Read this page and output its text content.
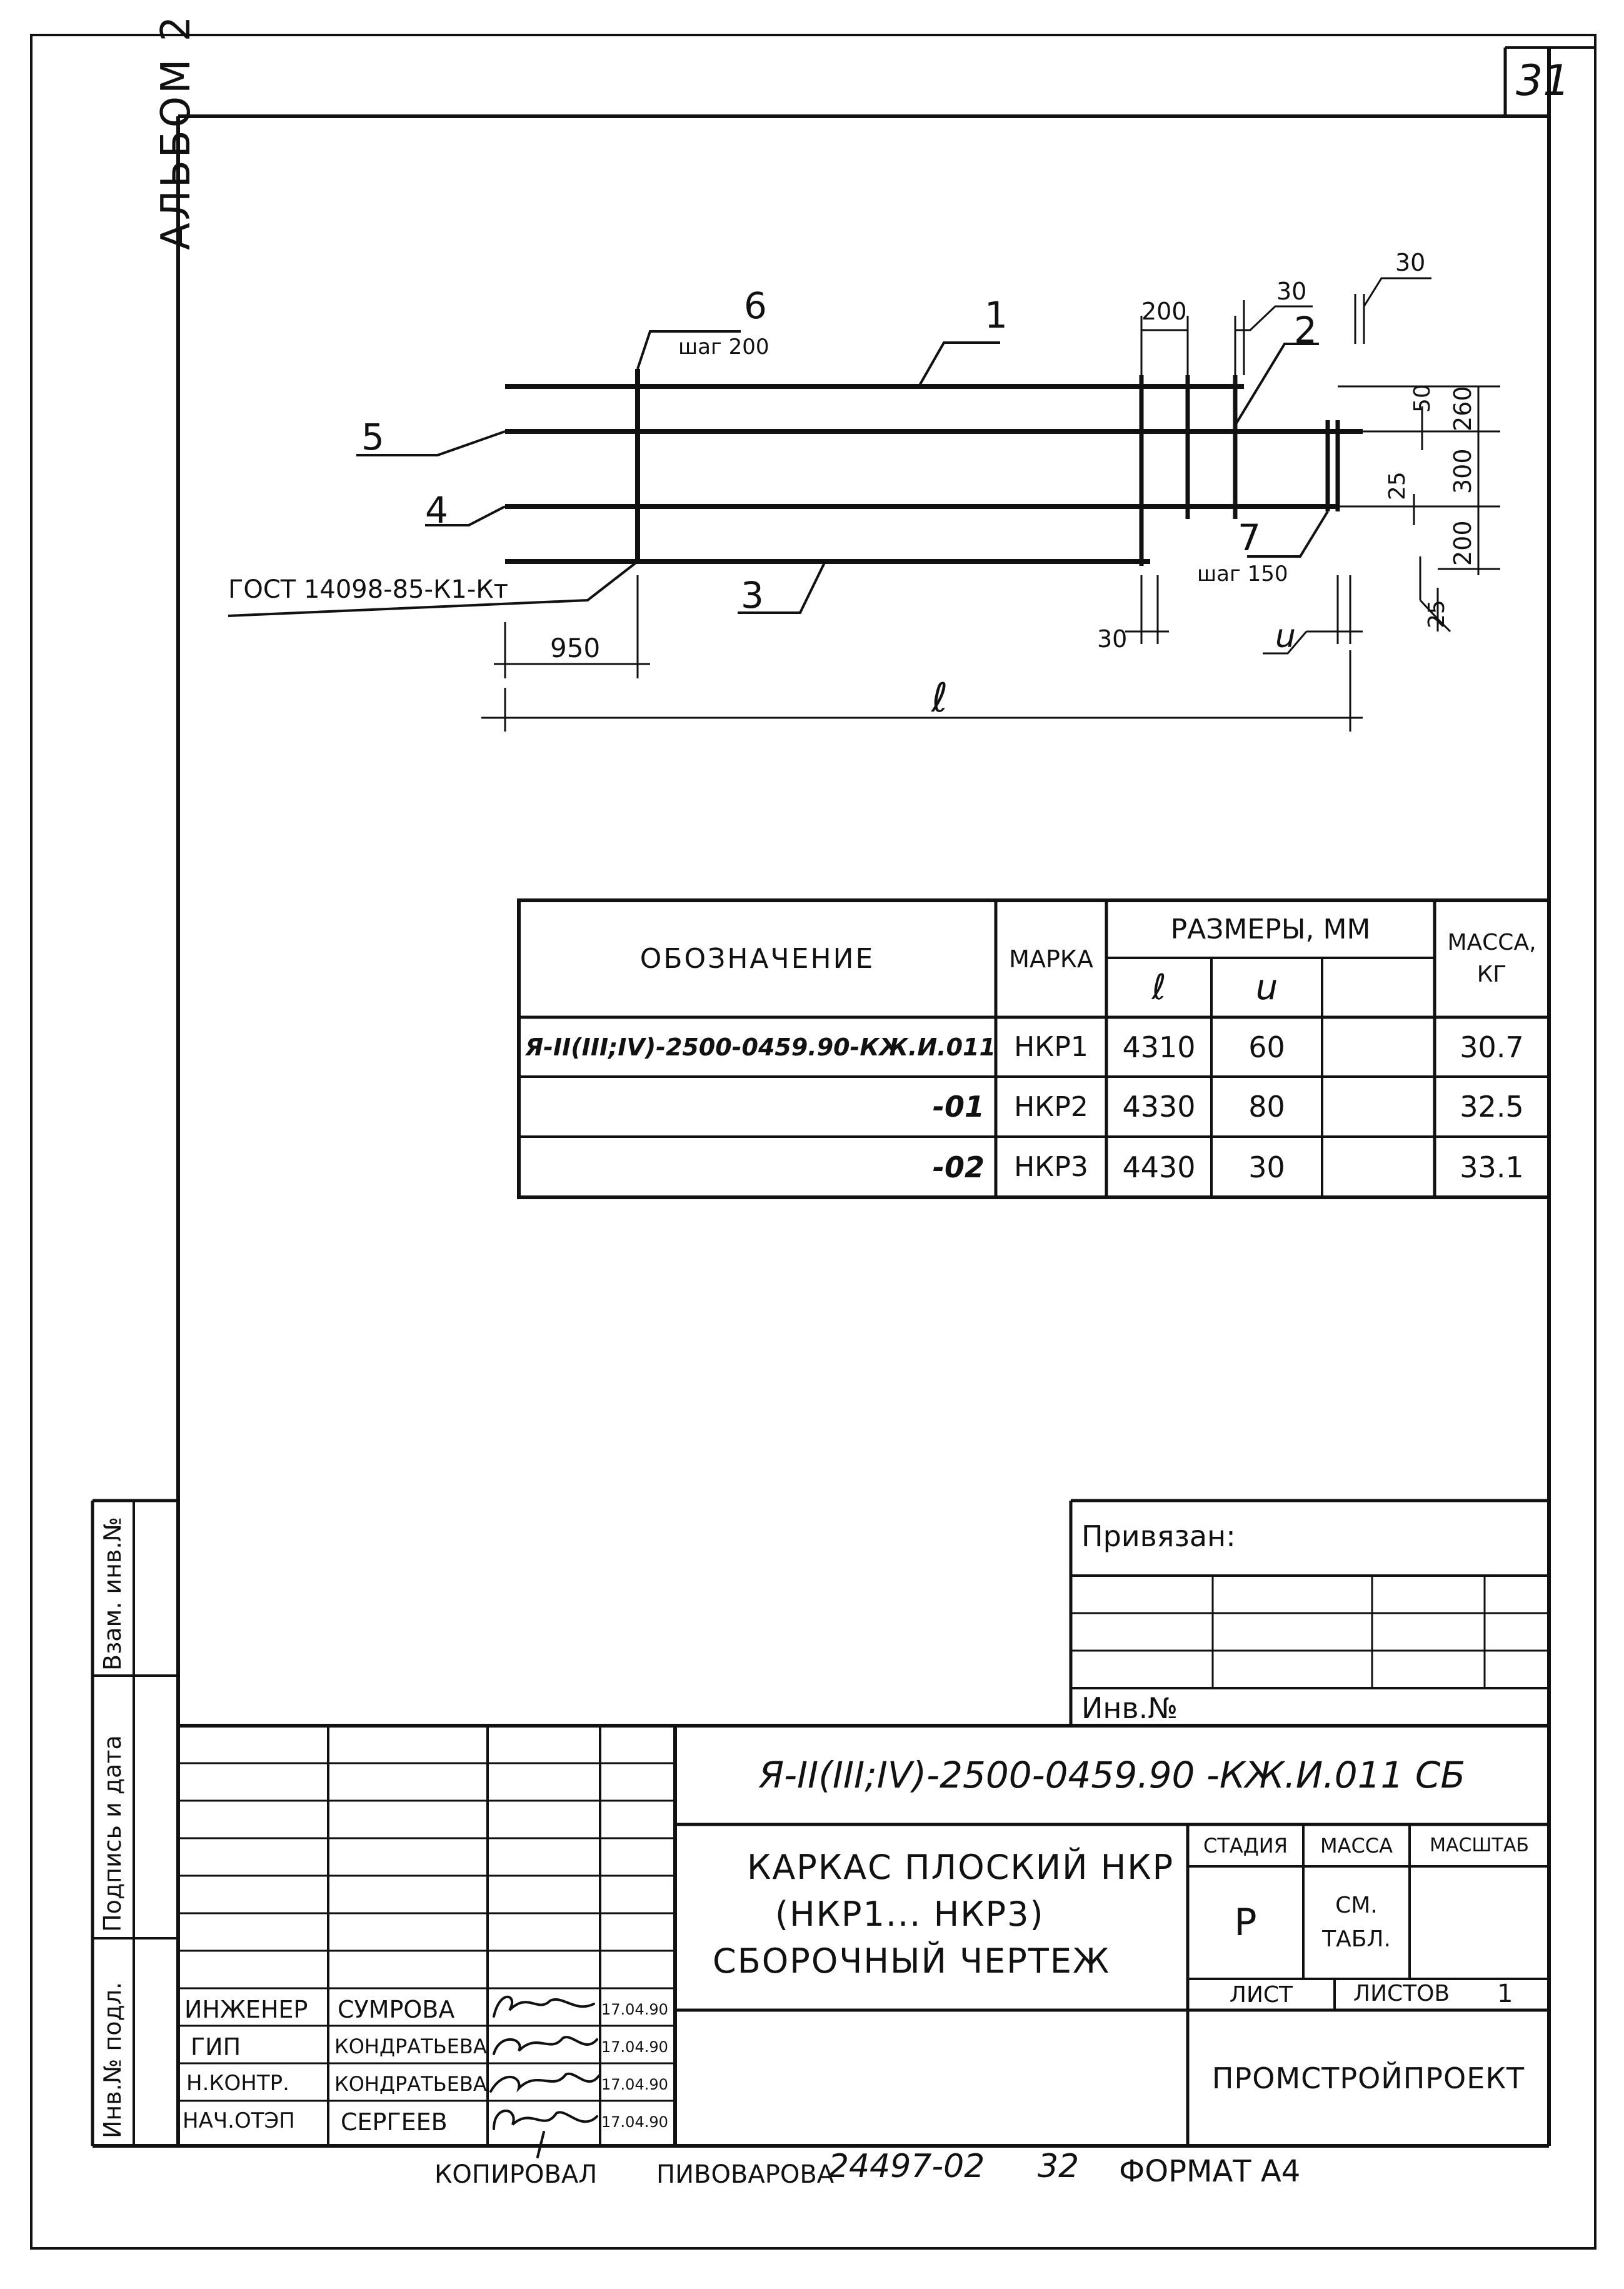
31
АЛЬБОМ 2
1	2
3
4
5
6
7
шаг 200
шаг 150
ГОСТ 14098-85-К1-Кт
200
30
30
50 260
25 300
200
25
30	u
950
ℓ
ОБОЗНАЧЕНИЕ	МАРКА
РАЗМЕРЫ, ММ
ℓ	u
МАССА, КГ
Я-II(III;IV)-2500-0459.90-КЖ.И.011 НКР1	4310	60	30.7
-01	НКР2	4330	80	32.5
-02	НКР3	4430	30	33.1
Привязан:
Инв.№
Я-II(III;IV)-2500-0459.90 -КЖ.И.011 СБ
КАРКАС ПЛОСКИЙ НКР
(НКР1... НКР3)
СБОРОЧНЫЙ ЧЕРТЕЖ
СТАДИЯ	МАССА	МАСШТАБ
Р	СМ. ТАБЛ.
ЛИСТ	ЛИСТОВ 1
ПРОМСТРОЙПРОЕКТ
ИНЖЕНЕР СУМРОВА	17.04.90
ГИП	КОНДРАТЬЕВА	17.04.90
Н.КОНТР. КОНДРАТЬЕВА	17.04.90
НАЧ.ОТЭП СЕРГЕЕВ	17.04.90
Инв.№ подл.
Подпись и дата
Взам. инв.№
КОПИРОВАЛ ПИВОВАРОВА
24497-02 32 ФОРМАТ А4
